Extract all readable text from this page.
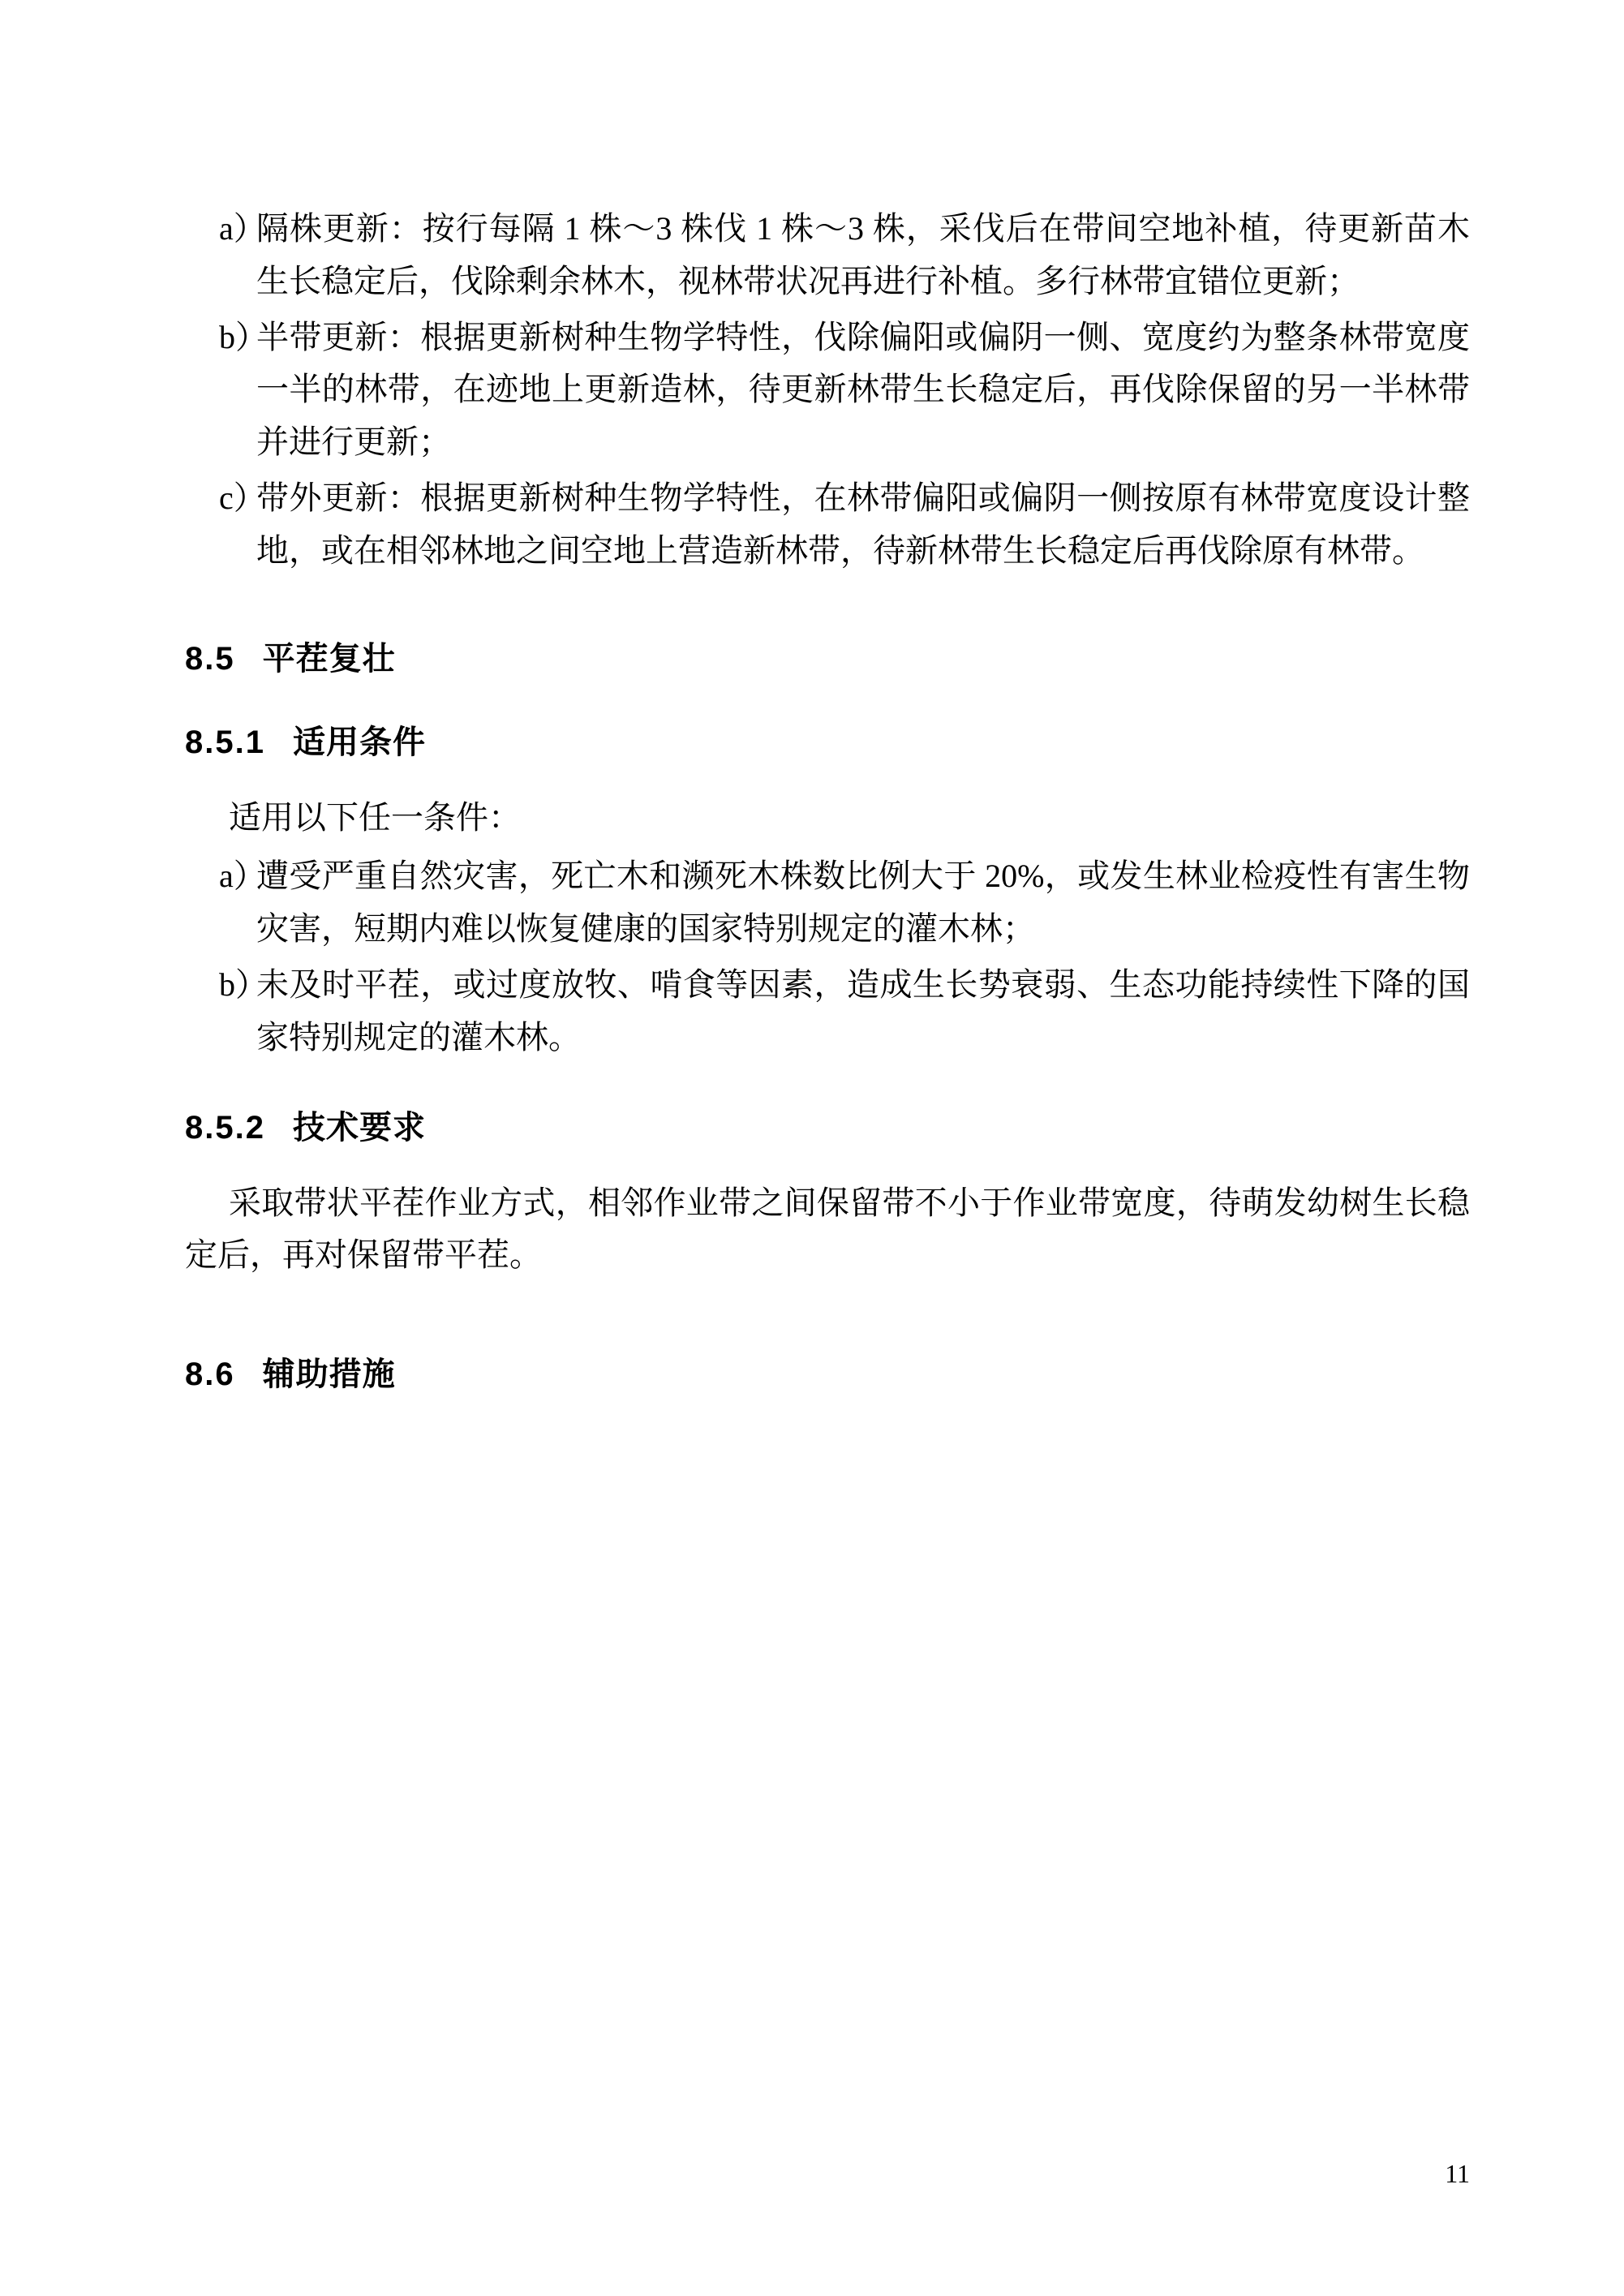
a）
隔株更新：按行每隔 1 株～3 株伐 1 株～3 株，采伐后在带间空地补植，待更新苗木生长稳定后，伐除剩余林木，视林带状况再进行补植。多行林带宜错位更新；
b）
半带更新：根据更新树种生物学特性，伐除偏阳或偏阴一侧、宽度约为整条林带宽度一半的林带，在迹地上更新造林，待更新林带生长稳定后，再伐除保留的另一半林带并进行更新；
c）
带外更新：根据更新树种生物学特性，在林带偏阳或偏阴一侧按原有林带宽度设计整地，或在相邻林地之间空地上营造新林带，待新林带生长稳定后再伐除原有林带。
8.5 平茬复壮
8.5.1 适用条件

适用以下任一条件：

a）
遭受严重自然灾害，死亡木和濒死木株数比例大于 20%，或发生林业检疫性有害生物灾害，短期内难以恢复健康的国家特别规定的灌木林；
b）
未及时平茬，或过度放牧、啃食等因素，造成生长势衰弱、生态功能持续性下降的国家特别规定的灌木林。
8.5.2 技术要求

采取带状平茬作业方式，相邻作业带之间保留带不小于作业带宽度，待萌发幼树生长稳定后，再对保留带平茬。

8.6 辅助措施
11
